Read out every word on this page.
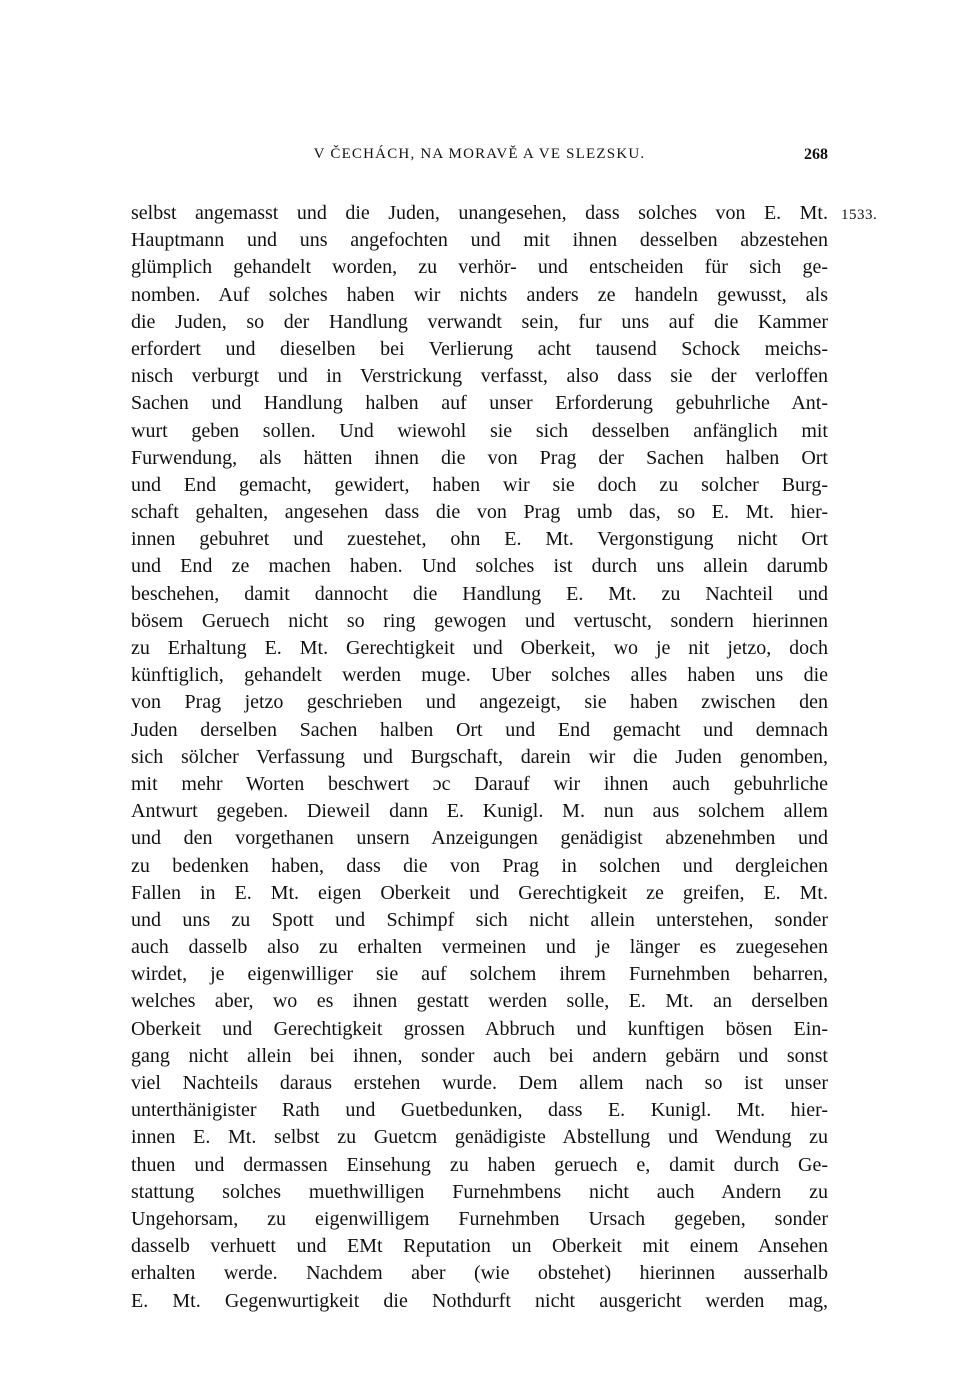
V ČECHÁCH, NA MORAVĚ A VE SLEZSKU.	268
1533.
selbst angemasst und die Juden, unangesehen, dass solches von E. Mt.
Hauptmann und uns angefochten und mit ihnen desselben abzestehen
glümplich gehandelt worden, zu verhör- und entscheiden für sich ge-
nomben. Auf solches haben wir nichts anders ze handeln gewusst, als
die Juden, so der Handlung verwandt sein, fur uns auf die Kammer
erfordert und dieselben bei Verlierung acht tausend Schock meichs-
nisch verburgt und in Verstrickung verfasst, also dass sie der verloffen
Sachen und Handlung halben auf unser Erforderung gebuhrliche Ant-
wurt geben sollen. Und wiewohl sie sich desselben anfänglich mit
Furwendung, als hätten ihnen die von Prag der Sachen halben Ort
und End gemacht, gewidert, haben wir sie doch zu solcher Burg-
schaft gehalten, angesehen dass die von Prag umb das, so E. Mt. hier-
innen gebuhret und zuestehet, ohn E. Mt. Vergonstigung nicht Ort
und End ze machen haben. Und solches ist durch uns allein darumb
beschehen, damit dannocht die Handlung E. Mt. zu Nachteil und
bösem Geruech nicht so ring gewogen und vertuscht, sondern hierinnen
zu Erhaltung E. Mt. Gerechtigkeit und Oberkeit, wo je nit jetzo, doch
künftiglich, gehandelt werden muge. Uber solches alles haben uns die
von Prag jetzo geschrieben und angezeigt, sie haben zwischen den
Juden derselben Sachen halben Ort und End gemacht und demnach
sich sölcher Verfassung und Burgschaft, darein wir die Juden genomben,
mit mehr Worten beschwert ɔc Darauf wir ihnen auch gebuhrliche
Antwurt gegeben. Dieweil dann E. Kunigl. M. nun aus solchem allem
und den vorgethanen unsern Anzeigungen genädigist abzenehmben und
zu bedenken haben, dass die von Prag in solchen und dergleichen
Fallen in E. Mt. eigen Oberkeit und Gerechtigkeit ze greifen, E. Mt.
und uns zu Spott und Schimpf sich nicht allein unterstehen, sonder
auch dasselb also zu erhalten vermeinen und je länger es zuegesehen
wirdet, je eigenwilliger sie auf solchem ihrem Furnehmben beharren,
welches aber, wo es ihnen gestatt werden solle, E. Mt. an derselben
Oberkeit und Gerechtigkeit grossen Abbruch und kunftigen bösen Ein-
gang nicht allein bei ihnen, sonder auch bei andern gebärn und sonst
viel Nachteils daraus erstehen wurde. Dem allem nach so ist unser
unterthänigister Rath und Guetbedunken, dass E. Kunigl. Mt. hier-
innen E. Mt. selbst zu Guetcm genädigiste Abstellung und Wendung zu
thuen und dermassen Einsehung zu haben geruech e, damit durch Ge-
stattung solches muethwilligen Furnehmbens nicht auch Andern zu
Ungehorsam, zu eigenwilligem Furnehmben Ursach gegeben, sonder
dasselb verhuett und EMt Reputation un Oberkeit mit einem Ansehen
erhalten werde. Nachdem aber (wie obstehet) hierinnen ausserhalb
E. Mt. Gegenwurtigkeit die Nothdurft nicht ausgericht werden mag,
